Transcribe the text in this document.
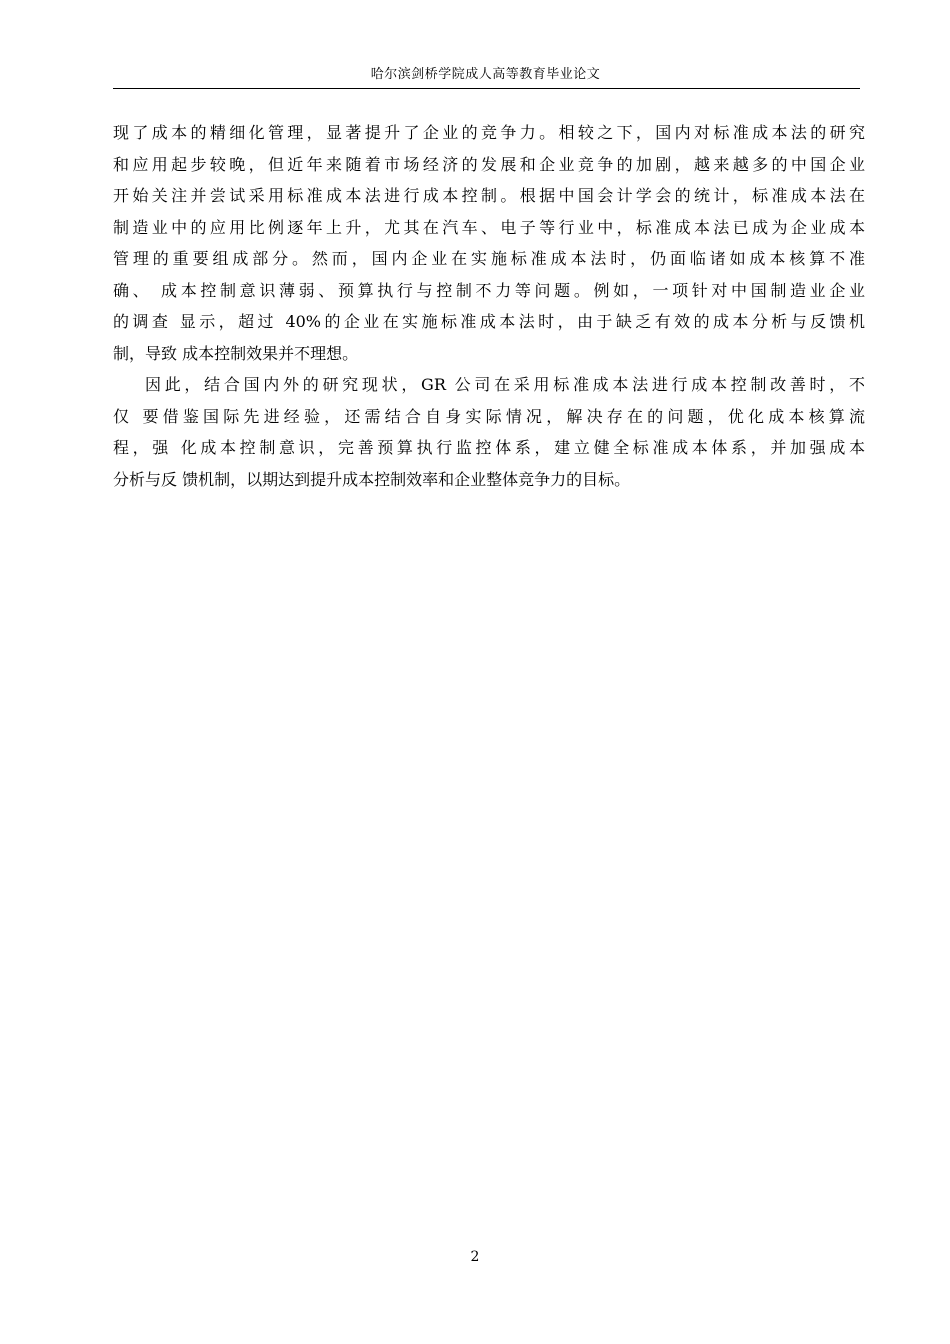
哈尔滨剑桥学院成人高等教育毕业论文

现了成本的精细化管理，显著提升了企业的竞争力。相较之下，国内对标准成本法的研究
和应用起步较晚，但近年来随着市场经济的发展和企业竞争的加剧，越来越多的中国企业
开始关注并尝试采用标准成本法进行成本控制。根据中国会计学会的统计，标准成本法在
制造业中的应用比例逐年上升，尤其在汽车、电子等行业中，标准成本法已成为企业成本
管理的重要组成部分。然而，国内企业在实施标准成本法时，仍面临诸如成本核算不准
确、 成本控制意识薄弱、预算执行与控制不力等问题。例如，一项针对中国制造业企业
的调查 显示，超过 40%的企业在实施标准成本法时，由于缺乏有效的成本分析与反馈机
制，导致 成本控制效果并不理想。

因此，结合国内外的研究现状，GR 公司在采用标准成本法进行成本控制改善时，不
仅 要借鉴国际先进经验，还需结合自身实际情况，解决存在的问题，优化成本核算流
程，强 化成本控制意识，完善预算执行监控体系，建立健全标准成本体系，并加强成本
分析与反 馈机制，以期达到提升成本控制效率和企业整体竞争力的目标。

2
